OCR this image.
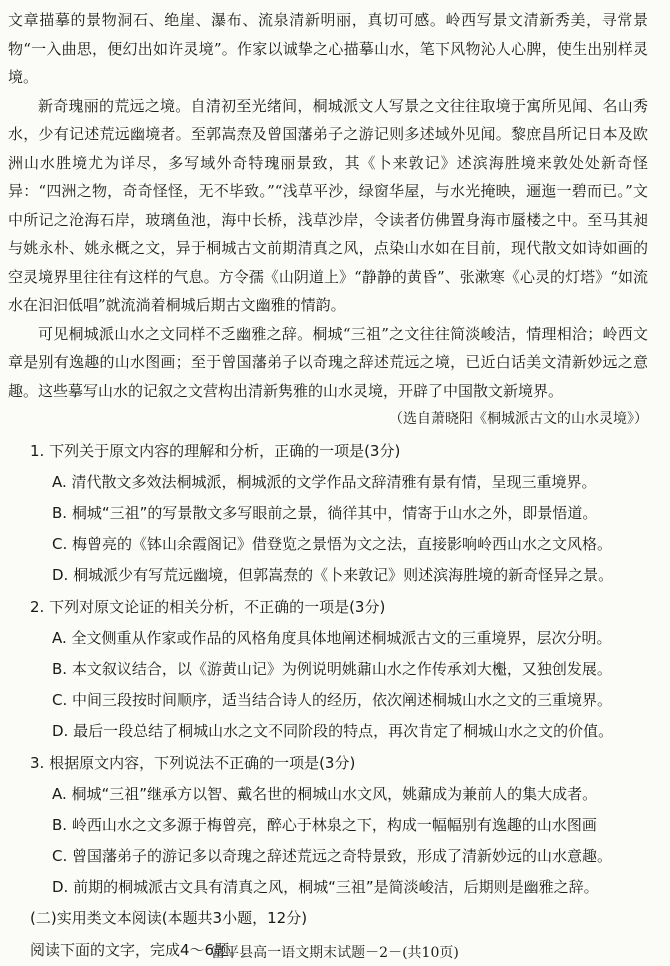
文章描摹的景物洞石、绝崖、瀑布、流泉清新明丽，真切可感。岭西写景文清新秀美，寻常景物“一入曲思，便幻出如许灵境”。作家以诚挚之心描摹山水，笔下风物沁人心脾，使生出别样灵境。

新奇瑰丽的荒远之境。自清初至光绪间，桐城派文人写景之文往往取境于寓所见闻、名山秀水，少有记述荒远幽境者。至郭嵩焘及曾国藩弟子之游记则多述域外见闻。黎庶昌所记日本及欧洲山水胜境尤为详尽，多写域外奇特瑰丽景致，其《卜来敦记》述滨海胜境来敦处处新奇怪异：“四洲之物，奇奇怪怪，无不毕致。”“浅草平沙，绿窗华屋，与水光掩映，逦迤一碧而已。”文中所记之沧海石岸，玻璃鱼池，海中长桥，浅草沙岸，令读者仿佛置身海市蜃楼之中。至马其昶与姚永朴、姚永概之文，异于桐城古文前期清真之风，点染山水如在目前，现代散文如诗如画的空灵境界里往往有这样的气息。方令孺《山阴道上》“静静的黄昏”、张漱寒《心灵的灯塔》“如流水在汩汩低唱”就流淌着桐城后期古文幽雅的情韵。

可见桐城派山水之文同样不乏幽雅之辞。桐城“三祖”之文往往简淡峻洁，情理相洽；岭西文章是别有逸趣的山水图画；至于曾国藩弟子以奇瑰之辞述荒远之境，已近白话美文清新妙远之意趣。这些摹写山水的记叙之文营构出清新隽雅的山水灵境，开辟了中国散文新境界。

（选自萧晓阳《桐城派古文的山水灵境》）

1. 下列关于原文内容的理解和分析，正确的一项是(3分)

A. 清代散文多效法桐城派，桐城派的文学作品文辞清雅有景有情，呈现三重境界。

B. 桐城“三祖”的写景散文多写眼前之景，徜徉其中，情寄于山水之外，即景悟道。

C. 梅曾亮的《钵山余霞阁记》借登览之景悟为文之法，直接影响岭西山水之文风格。

D. 桐城派少有写荒远幽境，但郭嵩焘的《卜来敦记》则述滨海胜境的新奇怪异之景。

2. 下列对原文论证的相关分析，不正确的一项是(3分)

A. 全文侧重从作家或作品的风格角度具体地阐述桐城派古文的三重境界，层次分明。

B. 本文叙议结合，以《游黄山记》为例说明姚鼐山水之作传承刘大櫆，又独创发展。

C. 中间三段按时间顺序，适当结合诗人的经历，依次阐述桐城山水之文的三重境界。

D. 最后一段总结了桐城山水之文不同阶段的特点，再次肯定了桐城山水之文的价值。

3. 根据原文内容，下列说法不正确的一项是(3分)

A. 桐城“三祖”继承方以智、戴名世的桐城山水文风，姚鼐成为兼前人的集大成者。

B. 岭西山水之文多源于梅曾亮，醉心于林泉之下，构成一幅幅别有逸趣的山水图画

C. 曾国藩弟子的游记多以奇瑰之辞述荒远之奇特景致，形成了清新妙远的山水意趣。

D. 前期的桐城派古文具有清真之风，桐城“三祖”是简淡峻洁，后期则是幽雅之辞。

(二)实用类文本阅读(本题共3小题，12分)

阅读下面的文字，完成4～6题。

富平县高一语文期末试题－2－(共10页)
